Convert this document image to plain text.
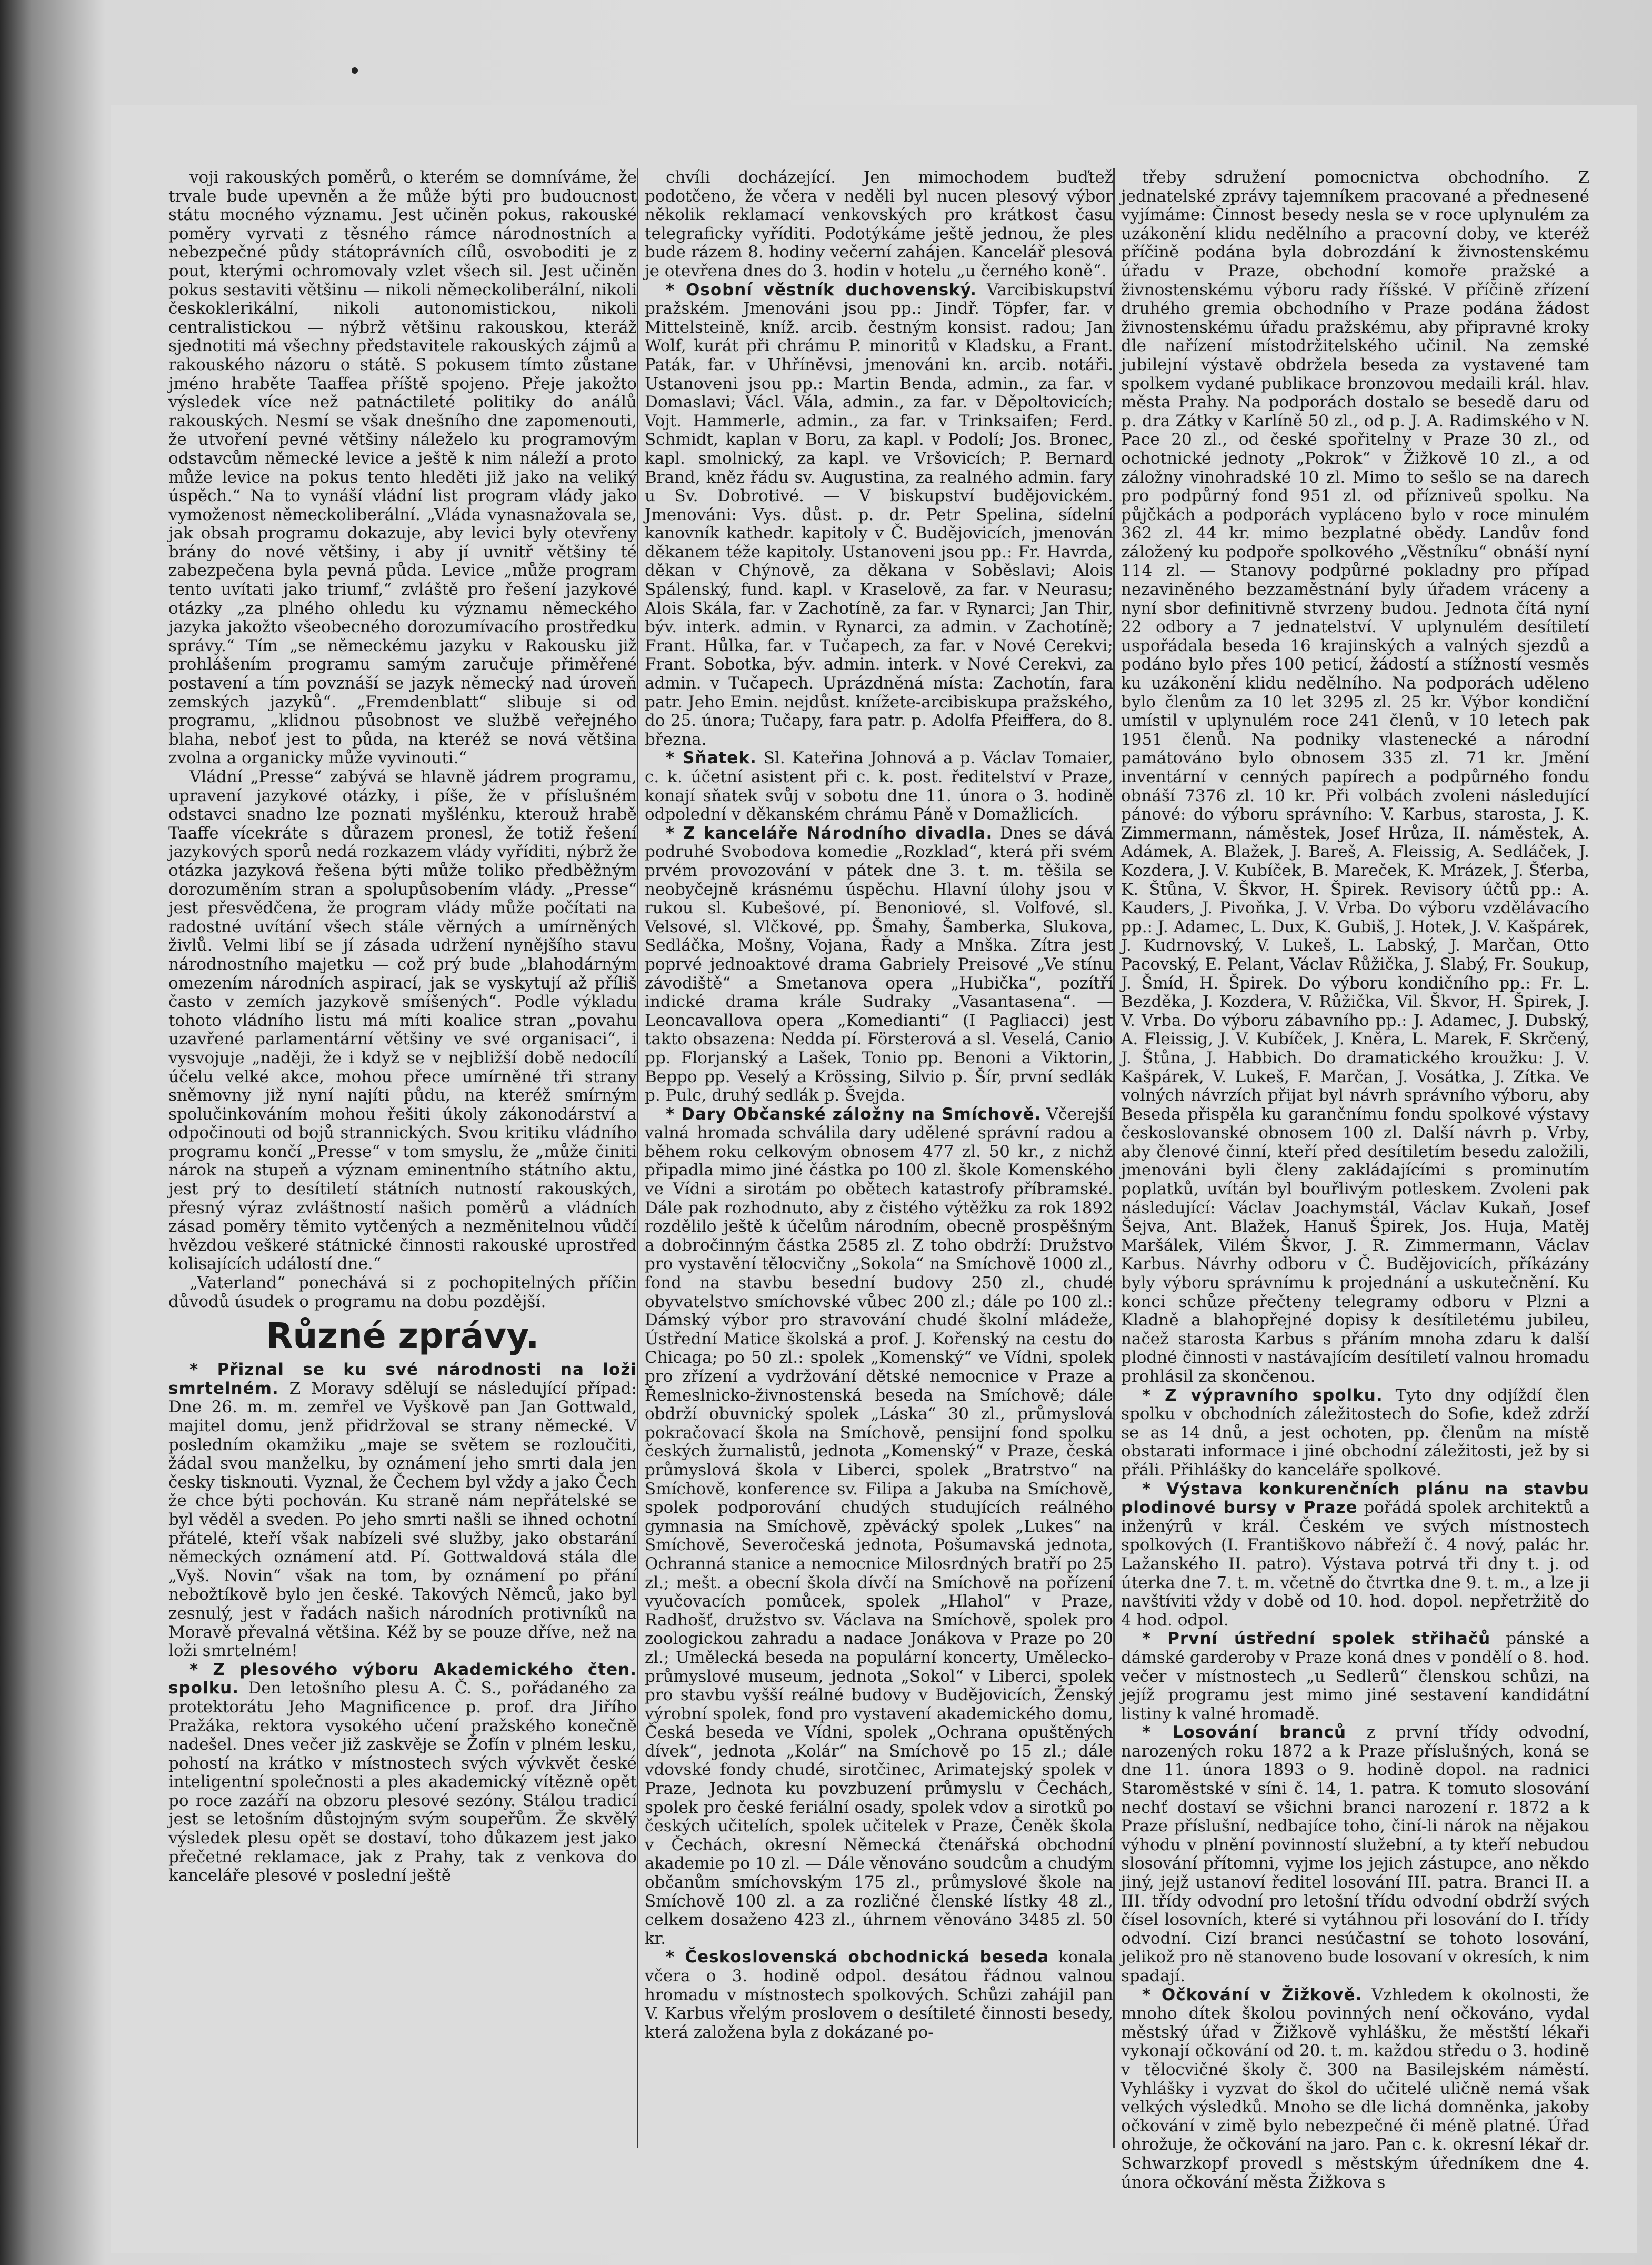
voji rakouských poměrů, o kterém se domníváme, že trvale bude upevněn a že může býti pro budoucnost státu mocného významu. Jest učiněn pokus, rakouské poměry vyrvati z těsného rámce národnostních a nebezpečné půdy státoprávních cílů, osvoboditi je z pout, kterými ochromovaly vzlet všech sil. Jest učiněn pokus sestaviti většinu — nikoli německoliberální, nikoli českoklerikální, nikoli autonomistickou, nikoli centralistickou — nýbrž většinu rakouskou, kteráž sjednotiti má všechny představitele rakouských zájmů a rakouského názoru o státě. S pokusem tímto zůstane jméno hraběte Taaffea příště spojeno. Přeje jakožto výsledek více než patnáctileté politiky do análů rakouských. Nesmí se však dnešního dne zapomenouti, že utvoření pevné většiny náleželo ku programovým odstavcům německé levice a ještě k nim náleží a proto může levice na pokus tento hleděti již jako na veliký úspěch.“ Na to vynáší vládní list program vlády jako vymoženost německoliberální. „Vláda vynasnažovala se, jak obsah programu dokazuje, aby levici byly otevřeny brány do nové většiny, i aby jí uvnitř většiny té zabezpečena byla pevná půda. Levice „může program tento uvítati jako triumf,“ zvláště pro řešení jazykové otázky „za plného ohledu ku významu německého jazyka jakožto všeobecného dorozumívacího prostředku správy.“ Tím „se německému jazyku v Rakousku již prohlášením programu samým zaručuje přiměřené postavení a tím povznáší se jazyk německý nad úroveň zemských jazyků“. „Fremdenblatt“ slibuje si od programu, „klidnou působnost ve službě veřejného blaha, neboť jest to půda, na kteréž se nová většina zvolna a organicky může vyvinouti.“

Vládní „Presse“ zabývá se hlavně jádrem programu, upravení jazykové otázky, i píše, že v příslušném odstavci snadno lze poznati myšlénku, kterouž hrabě Taaffe vícekráte s důrazem pronesl, že totiž řešení jazykových sporů nedá rozkazem vlády vyříditi, nýbrž že otázka jazyková řešena býti může toliko předběžným dorozuměním stran a spolupůsobením vlády. „Presse“ jest přesvědčena, že program vlády může počítati na radostné uvítání všech stále věrných a umírněných živlů. Velmi libí se jí zásada udržení nynějšího stavu národnostního majetku — což prý bude „blahodárným omezením národních aspirací, jak se vyskytují až příliš často v zemích jazykově smíšených“. Podle výkladu tohoto vládního listu má míti koalice stran „povahu uzavřené parlamentární většiny ve své organisaci“, i vysvojuje „naději, že i když se v nejbližší době nedocílí účelu velké akce, mohou přece umírněné tři strany sněmovny již nyní najíti půdu, na kteréž smírným spolučinkováním mohou řešiti úkoly zákonodárství a odpočinouti od bojů strannických. Svou kritiku vládního programu končí „Presse“ v tom smyslu, že „může činiti nárok na stupeň a význam eminentního státního aktu, jest prý to desítiletí státních nutností rakouských, přesný výraz zvláštností našich poměrů a vládních zásad poměry těmito vytčených a nezměnitelnou vůdčí hvězdou veškeré státnické činnosti rakouské uprostřed kolisajících událostí dne.“

„Vaterland“ ponechává si z pochopitelných příčin důvodů úsudek o programu na dobu pozdější.

Různé zprávy.

* Přiznal se ku své národnosti na loži smrtelném. Z Moravy sdělují se následující případ: Dne 26. m. m. zemřel ve Vyškově pan Jan Gottwald, majitel domu, jenž přidržoval se strany německé. V posledním okamžiku „maje se světem se rozloučiti, žádal svou manželku, by oznámení jeho smrti dala jen česky tisknouti. Vyznal, že Čechem byl vždy a jako Čech že chce býti pochován. Ku straně nám nepřátelské se byl věděl a sveden. Po jeho smrti našli se ihned ochotní přátelé, kteří však nabízeli své služby, jako obstarání německých oznámení atd. Pí. Gottwaldová stála dle „Vyš. Novin“ však na tom, by oznámení po přání nebožtíkově bylo jen české. Takových Němců, jako byl zesnulý, jest v řadách našich národních protivníků na Moravě převalná většina. Kéž by se pouze dříve, než na loži smrtelném!

* Z plesového výboru Akademického čten. spolku. Den letošního plesu A. Č. S., pořádaného za protektorátu Jeho Magnificence p. prof. dra Jiřího Pražáka, rektora vysokého učení pražského konečně nadešel. Dnes večer již zaskvěje se Žofín v plném lesku, pohostí na krátko v místnostech svých vývkvět české inteligentní společnosti a ples akademický vítězně opět po roce zazáří na obzoru plesové sezóny. Stálou tradicí jest se letošním důstojným svým soupeřům. Že skvělý výsledek plesu opět se dostaví, toho důkazem jest jako přečetné reklamace, jak z Prahy, tak z venkova do kanceláře plesové v poslední ještě

chvíli docházející. Jen mimochodem buďtež podotčeno, že včera v neděli byl nucen plesový výbor několik reklamací venkovských pro krátkost času telegraficky vyříditi. Podotýkáme ještě jednou, že ples bude rázem 8. hodiny večerní zahájen. Kancelář plesová je otevřena dnes do 3. hodin v hotelu „u černého koně“.

* Osobní věstník duchovenský. Varcibiskupství pražském. Jmenováni jsou pp.: Jindř. Töpfer, far. v Mittelsteině, kníž. arcib. čestným konsist. radou; Jan Wolf, kurát při chrámu P. minoritů v Kladsku, a Frant. Paták, far. v Uhříněvsi, jmenováni kn. arcib. notáři. Ustanoveni jsou pp.: Martin Benda, admin., za far. v Domaslavi; Václ. Vála, admin., za far. v Děpoltovicích; Vojt. Hammerle, admin., za far. v Trinksaifen; Ferd. Schmidt, kaplan v Boru, za kapl. v Podolí; Jos. Bronec, kapl. smolnický, za kapl. ve Vršovicích; P. Bernard Brand, kněz řádu sv. Augustina, za realného admin. fary u Sv. Dobrotivé. — V biskupství budějovickém. Jmenováni: Vys. důst. p. dr. Petr Spelina, sídelní kanovník kathedr. kapitoly v Č. Budějovicích, jmenován děkanem téže kapitoly. Ustanoveni jsou pp.: Fr. Havrda, děkan v Chýnově, za děkana v Soběslavi; Alois Spálenský, fund. kapl. v Kraselově, za far. v Neurasu; Alois Skála, far. v Zachotíně, za far. v Rynarci; Jan Thir, býv. interk. admin. v Rynarci, za admin. v Zachotíně; Frant. Hůlka, far. v Tučapech, za far. v Nové Cerekvi; Frant. Sobotka, býv. admin. interk. v Nové Cerekvi, za admin. v Tučapech. Uprázdněná místa: Zachotín, fara patr. Jeho Emin. nejdůst. knížete-arcibiskupa pražského, do 25. února; Tučapy, fara patr. p. Adolfa Pfeiffera, do 8. března.

* Sňatek. Sl. Kateřina Johnová a p. Václav Tomaier, c. k. účetní asistent při c. k. post. ředitelství v Praze, konají sňatek svůj v sobotu dne 11. února o 3. hodině odpolední v děkanském chrámu Páně v Domažlicích.

* Z kanceláře Národního divadla. Dnes se dává podruhé Svobodova komedie „Rozklad“, která při svém prvém provozování v pátek dne 3. t. m. těšila se neobyčejně krásnému úspěchu. Hlavní úlohy jsou v rukou sl. Kubešové, pí. Benoniové, sl. Volfové, sl. Velsové, sl. Vlčkové, pp. Šmahy, Šamberka, Slukova, Sedláčka, Mošny, Vojana, Řady a Mnška. Zítra jest poprvé jednoaktové drama Gabriely Preisové „Ve stínu závodiště“ a Smetanova opera „Hubička“, pozítří indické drama krále Sudraky „Vasantasena“. — Leoncavallova opera „Komedianti“ (I Pagliacci) jest takto obsazena: Nedda pí. Försterová a sl. Veselá, Canio pp. Florjanský a Lašek, Tonio pp. Benoni a Viktorin, Beppo pp. Veselý a Krössing, Silvio p. Šír, první sedlák p. Pulc, druhý sedlák p. Švejda.

* Dary Občanské záložny na Smíchově. Včerejší valná hromada schválila dary udělené správní radou a během roku celkovým obnosem 477 zl. 50 kr., z nichž připadla mimo jiné částka po 100 zl. škole Komenského ve Vídni a sirotám po obětech katastrofy příbramské. Dále pak rozhodnuto, aby z čistého výtěžku za rok 1892 rozdělilo ještě k účelům národním, obecně prospěšným a dobročinným částka 2585 zl. Z toho obdrží: Družstvo pro vystavění tělocvičny „Sokola“ na Smíchově 1000 zl., fond na stavbu besední budovy 250 zl., chudé obyvatelstvo smíchovské vůbec 200 zl.; dále po 100 zl.: Dámský výbor pro stravování chudé školní mládeže, Ústřední Matice školská a prof. J. Kořenský na cestu do Chicaga; po 50 zl.: spolek „Komenský“ ve Vídni, spolek pro zřízení a vydržování dětské nemocnice v Praze a Řemeslnicko-živnostenská beseda na Smíchově; dále obdrží obuvnický spolek „Láska“ 30 zl., průmyslová pokračovací škola na Smíchově, pensijní fond spolku českých žurnalistů, jednota „Komenský“ v Praze, česká průmyslová škola v Liberci, spolek „Bratrstvo“ na Smíchově, konference sv. Filipa a Jakuba na Smíchově, spolek podporování chudých studujících reálného gymnasia na Smíchově, zpěvácký spolek „Lukes“ na Smíchově, Severočeská jednota, Pošumavská jednota, Ochranná stanice a nemocnice Milosrdných bratří po 25 zl.; mešt. a obecní škola dívčí na Smíchově na pořízení vyučovacích pomůcek, spolek „Hlahol“ v Praze, Radhošť, družstvo sv. Václava na Smíchově, spolek pro zoologickou zahradu a nadace Jonákova v Praze po 20 zl.; Umělecká beseda na populární koncerty, Umělecko-průmyslové museum, jednota „Sokol“ v Liberci, spolek pro stavbu vyšší reálné budovy v Budějovicích, Ženský výrobní spolek, fond pro vystavení akademického domu, Česká beseda ve Vídni, spolek „Ochrana opuštěných dívek“, jednota „Kolár“ na Smíchově po 15 zl.; dále vdovské fondy chudé, sirotčinec, Arimatejský spolek v Praze, Jednota ku povzbuzení průmyslu v Čechách, spolek pro české feriální osady, spolek vdov a sirotků po českých učitelích, spolek učitelek v Praze, Čeněk škola v Čechách, okresní Německá čtenářská obchodní akademie po 10 zl. — Dále věnováno soudcům a chudým občanům smíchovským 175 zl., průmyslové škole na Smíchově 100 zl. a za rozličné členské lístky 48 zl., celkem dosaženo 423 zl., úhrnem věnováno 3485 zl. 50 kr.

* Československá obchodnická beseda konala včera o 3. hodině odpol. desátou řádnou valnou hromadu v místnostech spolkových. Schůzi zahájil pan V. Karbus vřelým proslovem o desítileté činnosti besedy, která založena byla z dokázané po-

třeby sdružení pomocnictva obchodního. Z jednatelské zprávy tajemníkem pracované a přednesené vyjímáme: Činnost besedy nesla se v roce uplynulém za uzákonění klidu nedělního a pracovní doby, ve kteréž příčině podána byla dobrozdání k živnostenskému úřadu v Praze, obchodní komoře pražské a živnostenskému výboru rady říšské. V příčině zřízení druhého gremia obchodního v Praze podána žádost živnostenskému úřadu pražskému, aby připravné kroky dle nařízení místodržitelského učinil. Na zemské jubilejní výstavě obdržela beseda za vystavené tam spolkem vydané publikace bronzovou medaili král. hlav. města Prahy. Na podporách dostalo se besedě daru od p. dra Zátky v Karlíně 50 zl., od p. J. A. Radimského v N. Pace 20 zl., od české spořitelny v Praze 30 zl., od ochotnické jednoty „Pokrok“ v Žižkově 10 zl., a od záložny vinohradské 10 zl. Mimo to sešlo se na darech pro podpůrný fond 951 zl. od přízniveů spolku. Na půjčkách a podporách vypláceno bylo v roce minulém 362 zl. 44 kr. mimo bezplatné obědy. Landův fond záložený ku podpoře spolkového „Věstníku“ obnáší nyní 114 zl. — Stanovy podpůrné pokladny pro případ nezaviněného bezzaměstnání byly úřadem vráceny a nyní sbor definitivně stvrzeny budou. Jednota čítá nyní 22 odbory a 7 jednatelství. V uplynulém desítiletí uspořádala beseda 16 krajinských a valných sjezdů a podáno bylo přes 100 peticí, žádostí a stížností vesměs ku uzákonění klidu nedělního. Na podporách uděleno bylo členům za 10 let 3295 zl. 25 kr. Výbor kondiční umístil v uplynulém roce 241 členů, v 10 letech pak 1951 členů. Na podniky vlastenecké a národní památováno bylo obnosem 335 zl. 71 kr. Jmění inventární v cenných papírech a podpůrného fondu obnáší 7376 zl. 10 kr. Při volbách zvoleni následující pánové: do výboru správního: V. Karbus, starosta, J. K. Zimmermann, náměstek, Josef Hrůza, II. náměstek, A. Adámek, A. Blažek, J. Bareš, A. Fleissig, A. Sedláček, J. Kozdera, J. V. Kubíček, B. Mareček, K. Mrázek, J. Šťerba, K. Štůna, V. Škvor, H. Špirek. Revisory účtů pp.: A. Kauders, J. Pivoňka, J. V. Vrba. Do výboru vzdělávacího pp.: J. Adamec, L. Dux, K. Gubiš, J. Hotek, J. V. Kašpárek, J. Kudrnovský, V. Lukeš, L. Labský, J. Marčan, Otto Pacovský, E. Pelant, Václav Růžička, J. Slabý, Fr. Soukup, J. Šmíd, H. Špirek. Do výboru kondičního pp.: Fr. L. Bezděka, J. Kozdera, V. Růžička, Vil. Škvor, H. Špirek, J. V. Vrba. Do výboru zábavního pp.: J. Adamec, J. Dubský, A. Fleissig, J. V. Kubíček, J. Kněra, L. Marek, F. Skrčený, J. Štůna, J. Habbich. Do dramatického kroužku: J. V. Kašpárek, V. Lukeš, F. Marčan, J. Vosátka, J. Zítka. Ve volných návrzích přijat byl návrh správního výboru, aby Beseda přispěla ku garančnímu fondu spolkové výstavy českoslovanské obnosem 100 zl. Další návrh p. Vrby, aby členové činní, kteří před desítiletím besedu založili, jmenováni byli členy zakládajícími s prominutím poplatků, uvítán byl bouřlivým potleskem. Zvoleni pak následující: Václav Joachymstál, Václav Kukaň, Josef Šejva, Ant. Blažek, Hanuš Špirek, Jos. Huja, Matěj Maršálek, Vilém Škvor, J. R. Zimmermann, Václav Karbus. Návrhy odboru v Č. Budějovicích, příkázány byly výboru správnímu k projednání a uskutečnění. Ku konci schůze přečteny telegramy odboru v Plzni a Kladně a blahopřejné dopisy k desítiletému jubileu, načež starosta Karbus s přáním mnoha zdaru k další plodné činnosti v nastávajícím desítiletí valnou hromadu prohlásil za skončenou.

* Z výpravního spolku. Tyto dny odjíždí člen spolku v obchodních záležitostech do Sofie, kdež zdrží se as 14 dnů, a jest ochoten, pp. členům na místě obstarati informace i jiné obchodní záležitosti, jež by si přáli. Přihlášky do kanceláře spolkové.

* Výstava konkurenčních plánu na stavbu plodinové bursy v Praze pořádá spolek architektů a inženýrů v král. Českém ve svých místnostech spolkových (I. Františkovo nábřeží č. 4 nový, palác hr. Lažanského II. patro). Výstava potrvá tři dny t. j. od úterka dne 7. t. m. včetně do čtvrtka dne 9. t. m., a lze ji navštíviti vždy v době od 10. hod. dopol. nepřetržitě do 4 hod. odpol.

* První ústřední spolek střihačů pánské a dámské garderoby v Praze koná dnes v pondělí o 8. hod. večer v místnostech „u Sedlerů“ členskou schůzi, na jejíž programu jest mimo jiné sestavení kandidátní listiny k valné hromadě.

* Losování branců z první třídy odvodní, narozených roku 1872 a k Praze příslušných, koná se dne 11. února 1893 o 9. hodině dopol. na radnici Staroměstské v síni č. 14, 1. patra. K tomuto slosování nechť dostaví se všichni branci narození r. 1872 a k Praze příslušní, nedbajíce toho, činí-li nárok na nějakou výhodu v plnění povinností služební, a ty kteří nebudou slosování přítomni, vyjme los jejich zástupce, ano někdo jiný, jejž ustanoví ředitel losování III. patra. Branci II. a III. třídy odvodní pro letošní třídu odvodní obdrží svých čísel losovních, které si vytáhnou při losování do I. třídy odvodní. Cizí branci nesúčastní se tohoto losování, jelikož pro ně stanoveno bude losovaní v okresích, k nim spadají.

* Očkování v Žižkově. Vzhledem k okolnosti, že mnoho dítek školou povinných není očkováno, vydal městský úřad v Žižkově vyhlášku, že městští lékaři vykonají očkování od 20. t. m. každou středu o 3. hodině v tělocvičné školy č. 300 na Basilejském náměstí. Vyhlášky i vyzvat do škol do učitelé uličně nemá však velkých výsledků. Mnoho se dle lichá domněnka, jakoby očkování v zimě bylo nebezpečné či méně platné. Úřad ohrožuje, že očkování na jaro. Pan c. k. okresní lékař dr. Schwarzkopf provedl s městským úředníkem dne 4. února očkování města Žižkova s
